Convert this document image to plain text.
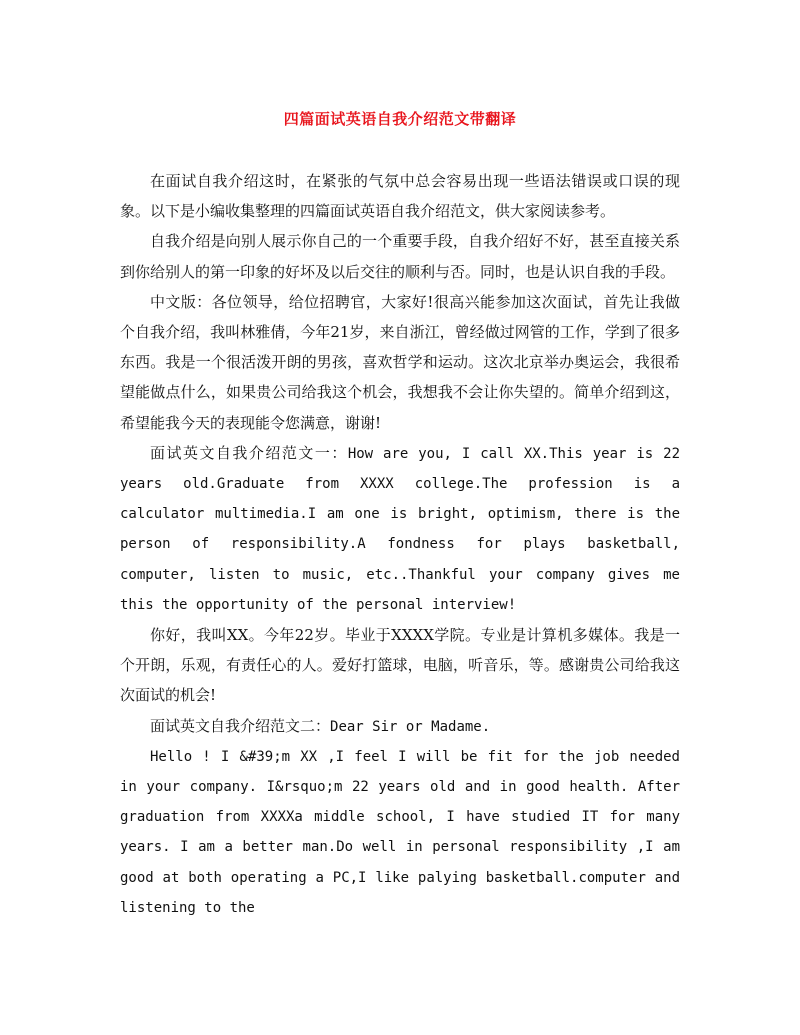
四篇面试英语自我介绍范文带翻译

在面试自我介绍这时，在紧张的气氛中总会容易出现一些语法错误或口误的现象。以下是小编收集整理的四篇面试英语自我介绍范文，供大家阅读参考。

自我介绍是向别人展示你自己的一个重要手段，自我介绍好不好，甚至直接关系到你给别人的第一印象的好坏及以后交往的顺利与否。同时，也是认识自我的手段。

中文版：各位领导，给位招聘官，大家好!很高兴能参加这次面试，首先让我做个自我介绍，我叫林雅倩，今年21岁，来自浙江，曾经做过网管的工作，学到了很多东西。我是一个很活泼开朗的男孩，喜欢哲学和运动。这次北京举办奥运会，我很希望能做点什么，如果贵公司给我这个机会，我想我不会让你失望的。简单介绍到这，希望能我今天的表现能令您满意，谢谢!

面试英文自我介绍范文一：How are you, I call XX.This year is 22 years old.Graduate from XXXX college.The profession is a calculator multimedia.I am one is bright, optimism, there is the person of responsibility.A fondness for plays basketball, computer, listen to music, etc..Thankful your company gives me this the opportunity of the personal interview!

你好，我叫XX。今年22岁。毕业于XXXX学院。专业是计算机多媒体。我是一个开朗，乐观，有责任心的人。爱好打篮球，电脑，听音乐，等。感谢贵公司给我这次面试的机会!

面试英文自我介绍范文二：Dear Sir or Madame.

Hello ! I &#39;m XX ,I feel I will be fit for the job needed in your company. I&rsquo;m 22 years old and in good health. After graduation from XXXXa middle school, I have studied IT for many years. I am a better man.Do well in personal responsibility ,I am good at both operating a PC,I like palying basketball.computer and listening to the
